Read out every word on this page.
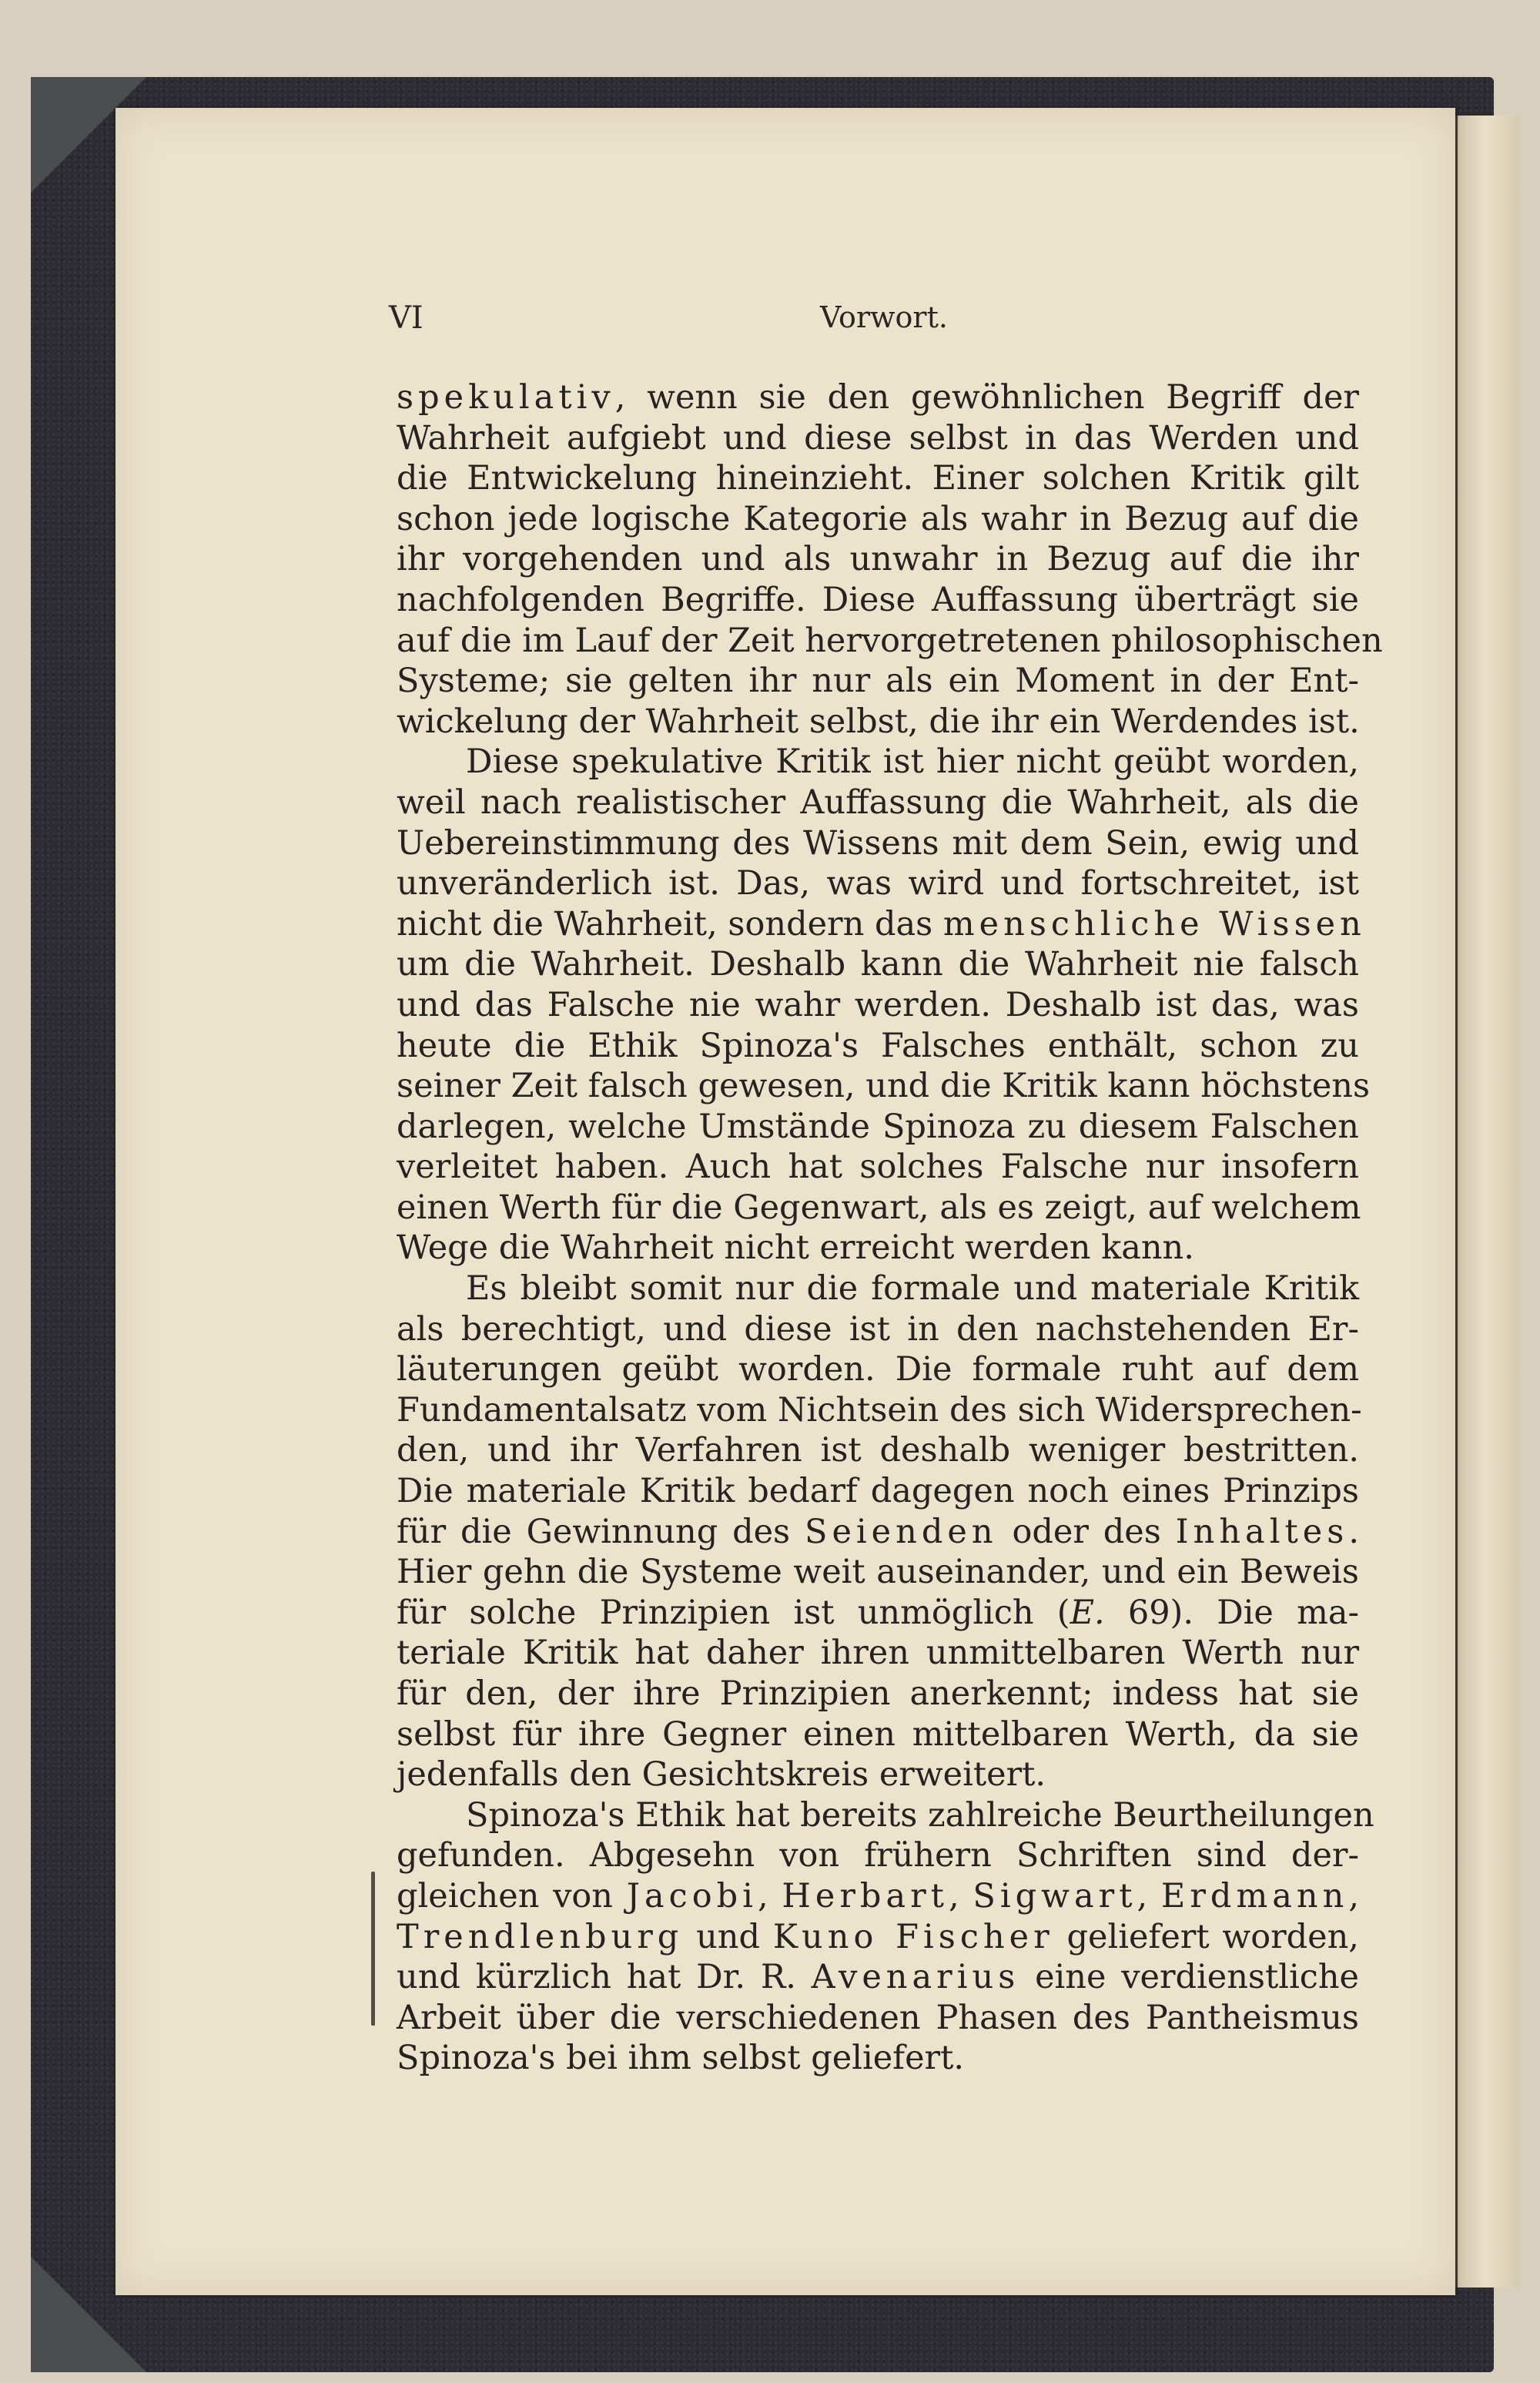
VI	Vorwort.
spekulativ, wenn sie den gewöhnlichen Begriff der
Wahrheit aufgiebt und diese selbst in das Werden und
die Entwickelung hineinzieht. Einer solchen Kritik gilt
schon jede logische Kategorie als wahr in Bezug auf die
ihr vorgehenden und als unwahr in Bezug auf die ihr
nachfolgenden Begriffe. Diese Auffassung überträgt sie
auf die im Lauf der Zeit hervorgetretenen philosophischen
Systeme; sie gelten ihr nur als ein Moment in der Ent-
wickelung der Wahrheit selbst, die ihr ein Werdendes ist.
Diese spekulative Kritik ist hier nicht geübt worden,
weil nach realistischer Auffassung die Wahrheit, als die
Uebereinstimmung des Wissens mit dem Sein, ewig und
unveränderlich ist. Das, was wird und fortschreitet, ist
nicht die Wahrheit, sondern das menschliche Wissen
um die Wahrheit. Deshalb kann die Wahrheit nie falsch
und das Falsche nie wahr werden. Deshalb ist das, was
heute die Ethik Spinoza's Falsches enthält, schon zu
seiner Zeit falsch gewesen, und die Kritik kann höchstens
darlegen, welche Umstände Spinoza zu diesem Falschen
verleitet haben. Auch hat solches Falsche nur insofern
einen Werth für die Gegenwart, als es zeigt, auf welchem
Wege die Wahrheit nicht erreicht werden kann.
Es bleibt somit nur die formale und materiale Kritik
als berechtigt, und diese ist in den nachstehenden Er-
läuterungen geübt worden. Die formale ruht auf dem
Fundamentalsatz vom Nichtsein des sich Widersprechen-
den, und ihr Verfahren ist deshalb weniger bestritten.
Die materiale Kritik bedarf dagegen noch eines Prinzips
für die Gewinnung des Seienden oder des Inhaltes.
Hier gehn die Systeme weit auseinander, und ein Beweis
für solche Prinzipien ist unmöglich (E. 69). Die ma-
teriale Kritik hat daher ihren unmittelbaren Werth nur
für den, der ihre Prinzipien anerkennt; indess hat sie
selbst für ihre Gegner einen mittelbaren Werth, da sie
jedenfalls den Gesichtskreis erweitert.
Spinoza's Ethik hat bereits zahlreiche Beurtheilungen
gefunden. Abgesehn von frühern Schriften sind der-
gleichen von Jacobi, Herbart, Sigwart, Erdmann,
Trendlenburg und Kuno Fischer geliefert worden,
und kürzlich hat Dr. R. Avenarius eine verdienstliche
Arbeit über die verschiedenen Phasen des Pantheismus
Spinoza's bei ihm selbst geliefert.
